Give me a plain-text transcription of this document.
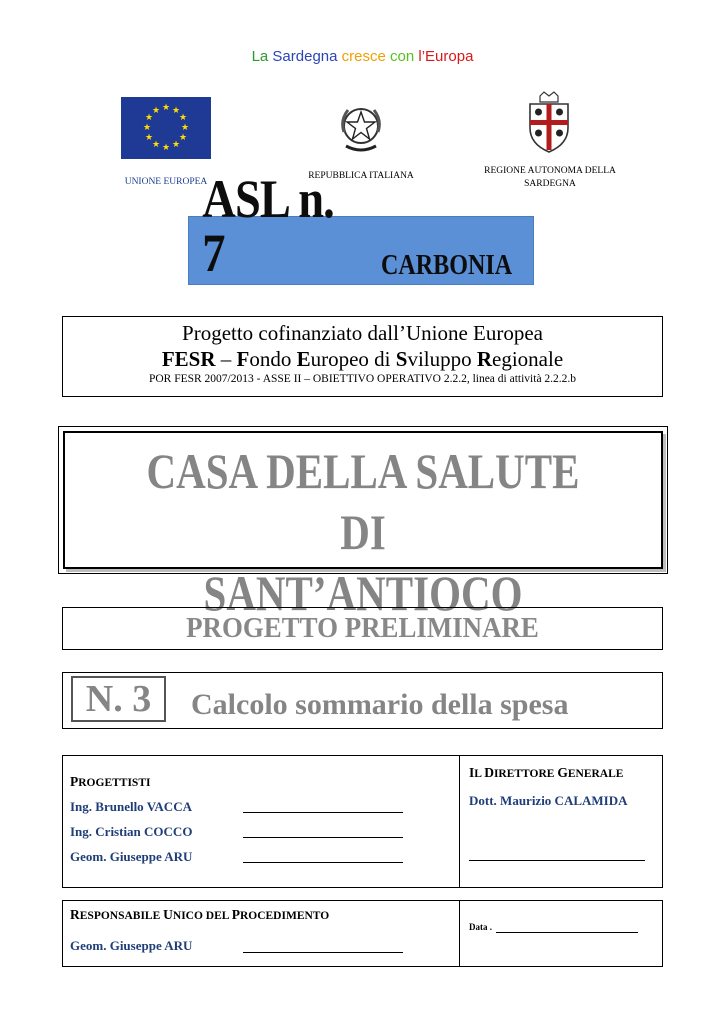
La Sardegna cresce con l’Europa
★ ★
★
★
★
★
★
★
★
★
★
★
UNIONE EUROPEA
REPUBBLICA ITALIANA	REGIONE AUTONOMA DELLA
SARDEGNA
ASL n. 7	CARBONIA
Progetto cofinanziato dall’Unione Europea
FESR – Fondo Europeo di Sviluppo Regionale
POR FESR 2007/2013 - ASSE II – OBIETTIVO OPERATIVO 2.2.2, linea di attività 2.2.2.b
CASA DELLA SALUTE DI
SANT’ANTIOCO
PROGETTO PRELIMINARE
N. 3	Calcolo sommario della spesa
PROGETTISTI
Ing. Brunello VACCA
Ing. Cristian COCCO
Geom. Giuseppe ARU
IL DIRETTORE GENERALE
Dott. Maurizio CALAMIDA
RESPONSABILE UNICO DEL PROCEDIMENTO
Geom. Giuseppe ARU
Data .
